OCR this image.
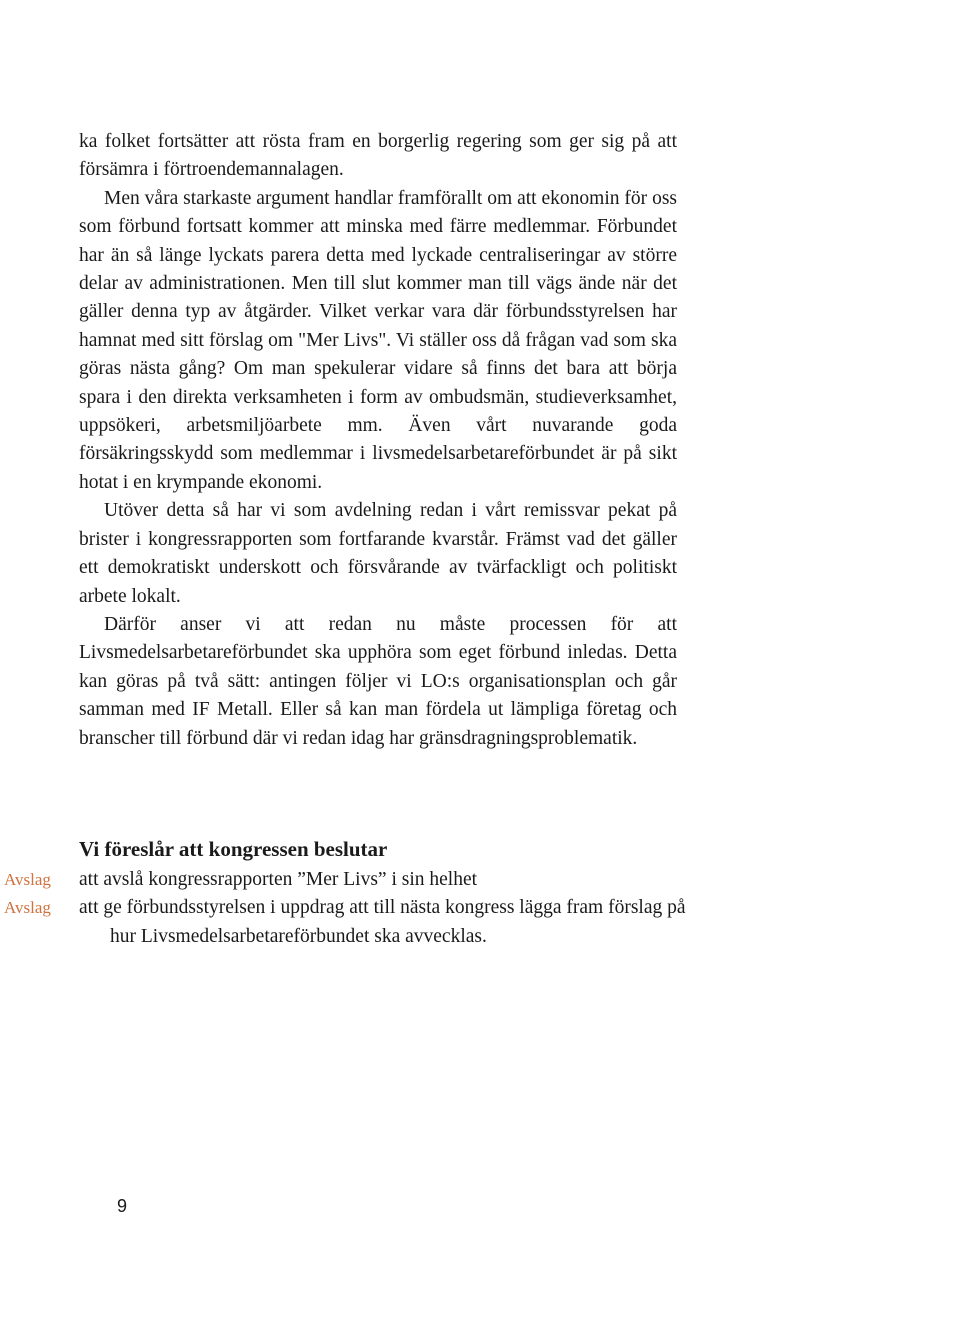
ka folket fortsätter att rösta fram en borgerlig regering som ger sig på att försämra i förtroendemannalagen.

Men våra starkaste argument handlar framförallt om att ekonomin för oss som förbund fortsatt kommer att minska med färre medlemmar. Förbundet har än så länge lyckats parera detta med lyckade centraliseringar av större delar av administrationen. Men till slut kommer man till vägs ände när det gäller denna typ av åtgärder. Vilket verkar vara där förbundsstyrelsen har hamnat med sitt förslag om "Mer Livs". Vi ställer oss då frågan vad som ska göras nästa gång? Om man spekulerar vidare så finns det bara att börja spara i den direkta verksamheten i form av ombudsmän, studieverksamhet, uppsökeri, arbetsmiljöarbete mm. Även vårt nuvarande goda försäkringsskydd som medlemmar i livsmedelsarbetareförbundet är på sikt hotat i en krympande ekonomi.

Utöver detta så har vi som avdelning redan i vårt remissvar pekat på brister i kongressrapporten som fortfarande kvarstår. Främst vad det gäller ett demokratiskt underskott och försvårande av tvärfackligt och politiskt arbete lokalt.

Därför anser vi att redan nu måste processen för att Livsmedelsarbetareförbundet ska upphöra som eget förbund inledas. Detta kan göras på två sätt: antingen följer vi LO:s organisationsplan och går samman med IF Metall. Eller så kan man fördela ut lämpliga företag och branscher till förbund där vi redan idag har gränsdragningsproblematik.

Vi föreslår att kongressen beslutar
Avslag att avslå kongressrapporten ”Mer Livs” i sin helhet
Avslag att ge förbundsstyrelsen i uppdrag att till nästa kongress lägga fram förslag på hur Livsmedelsarbetareförbundet ska avvecklas.
9
